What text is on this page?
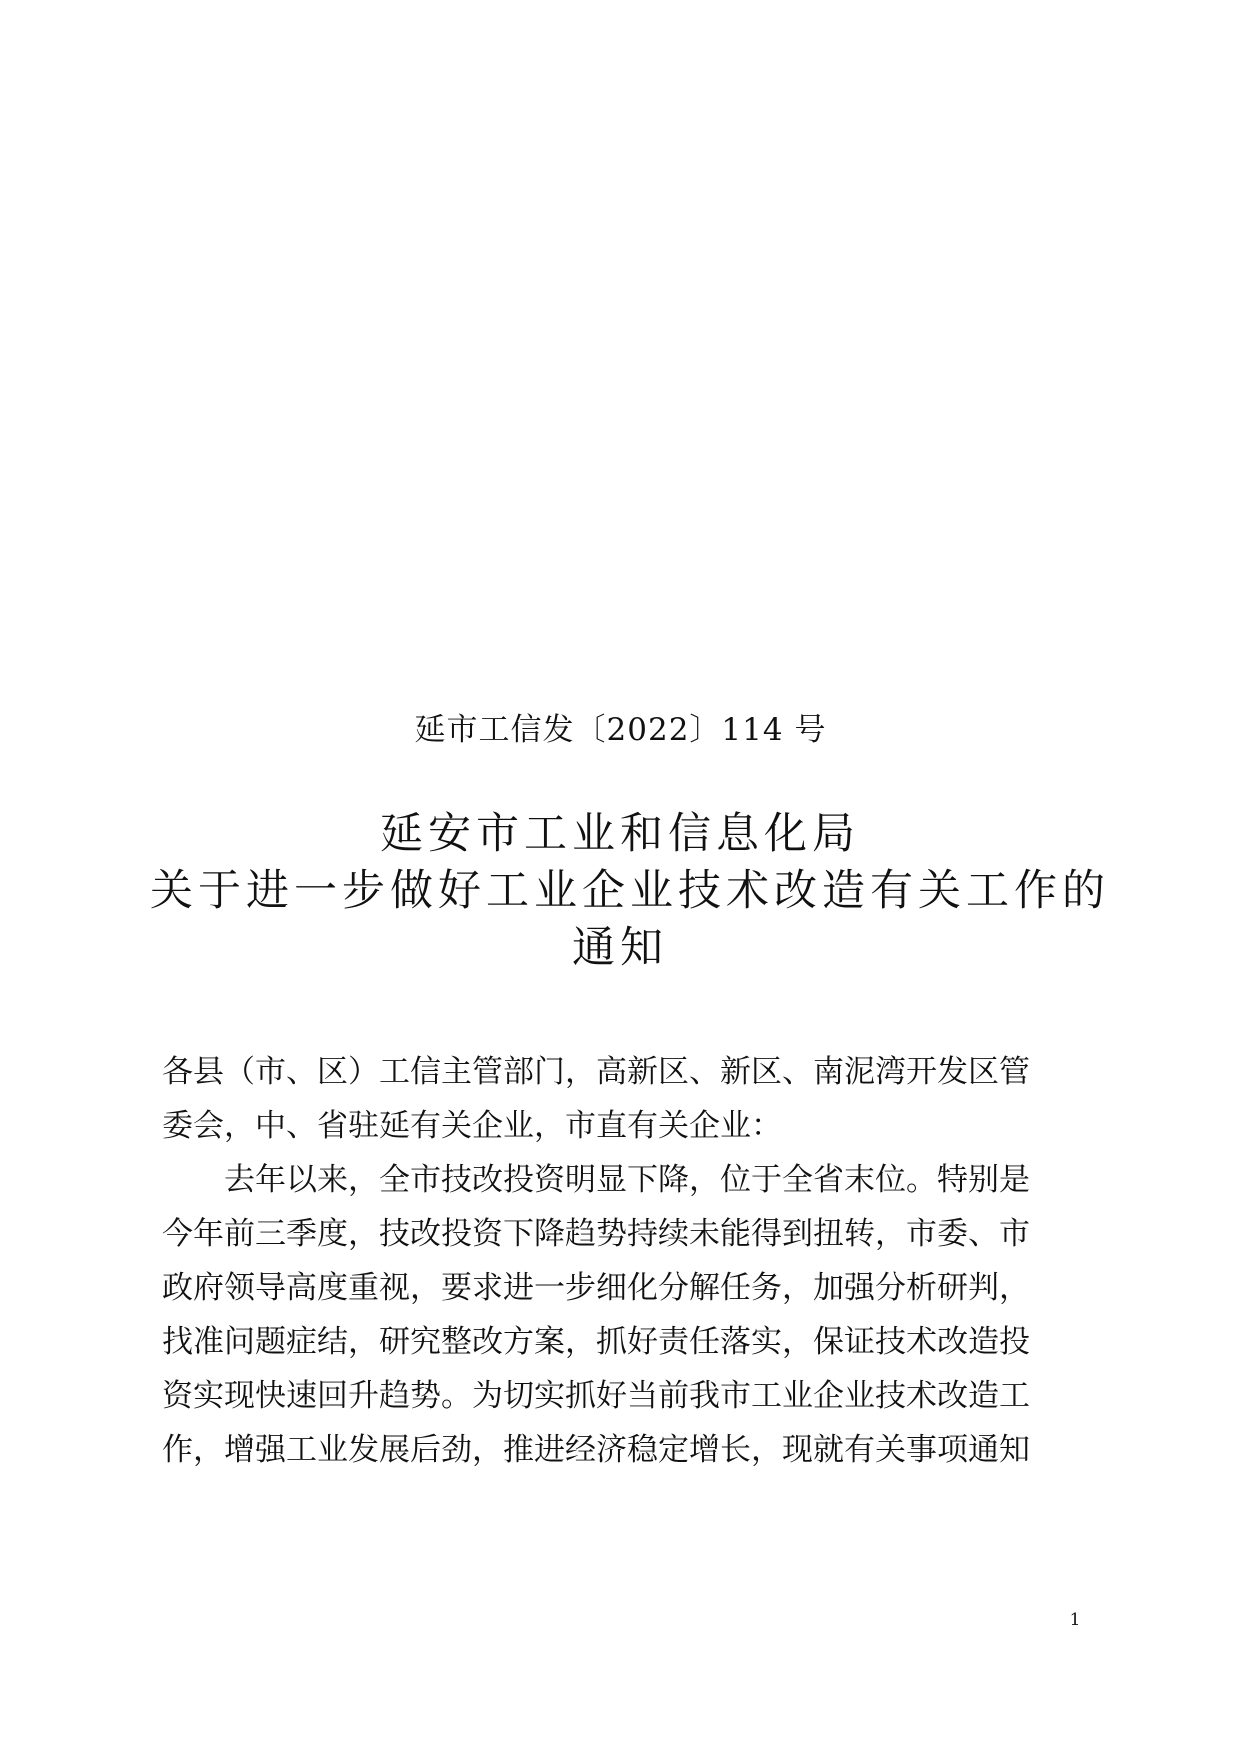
延市工信发〔2022〕114 号
延安市工业和信息化局
关于进一步做好工业企业技术改造有关工作的
通知

各县（市、区）工信主管部门，高新区、新区、南泥湾开发区管

委会，中、省驻延有关企业，市直有关企业：

去年以来，全市技改投资明显下降，位于全省末位。特别是

今年前三季度，技改投资下降趋势持续未能得到扭转，市委、市

政府领导高度重视，要求进一步细化分解任务，加强分析研判，

找准问题症结，研究整改方案，抓好责任落实，保证技术改造投

资实现快速回升趋势。为切实抓好当前我市工业企业技术改造工

作，增强工业发展后劲，推进经济稳定增长，现就有关事项通知

1
